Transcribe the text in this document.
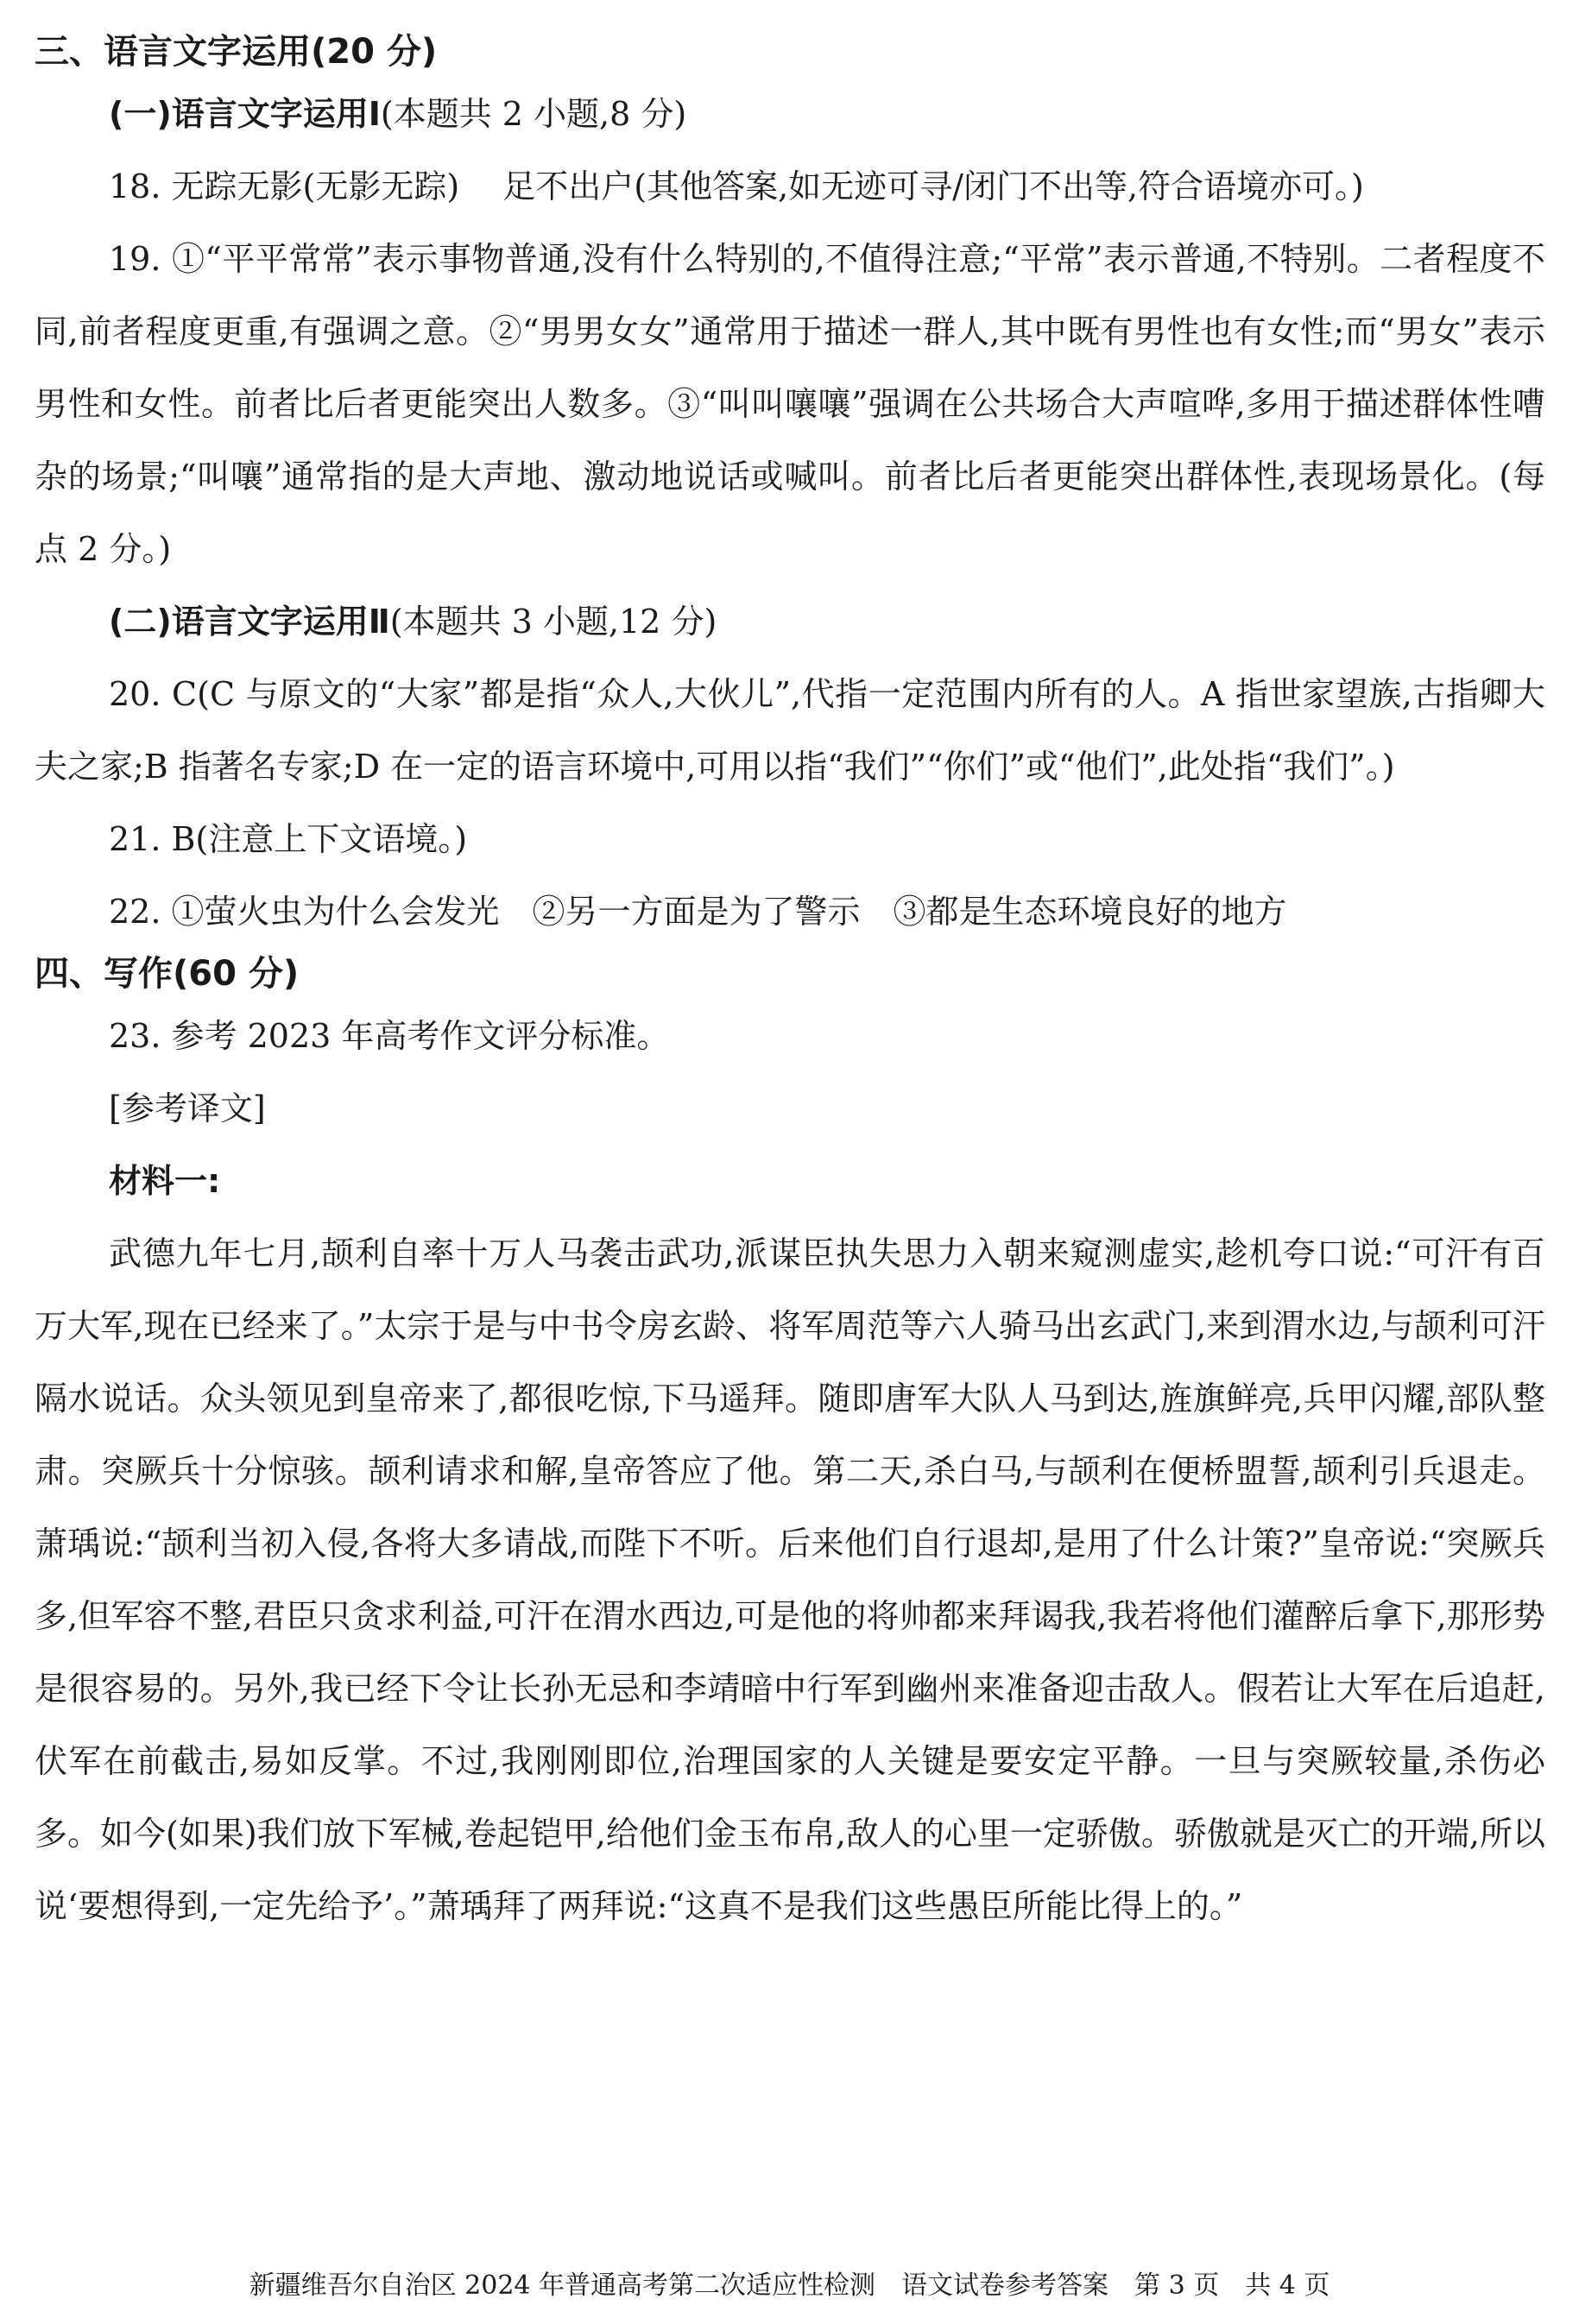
三、语言文字运用(20 分)
(一)语言文字运用Ⅰ(本题共 2 小题,8 分)

18. 无踪无影(无影无踪)　 足不出户(其他答案,如无迹可寻/闭门不出等,符合语境亦可。)

19. ①“平平常常”表示事物普通,没有什么特别的,不值得注意;“平常”表示普通,不特别。二者程度不同,前者程度更重,有强调之意。②“男男女女”通常用于描述一群人,其中既有男性也有女性;而“男女”表示男性和女性。前者比后者更能突出人数多。③“叫叫嚷嚷”强调在公共场合大声喧哗,多用于描述群体性嘈杂的场景;“叫嚷”通常指的是大声地、激动地说话或喊叫。前者比后者更能突出群体性,表现场景化。(每点 2 分。)

(二)语言文字运用Ⅱ(本题共 3 小题,12 分)

20. C(C 与原文的“大家”都是指“众人,大伙儿”,代指一定范围内所有的人。A 指世家望族,古指卿大夫之家;B 指著名专家;D 在一定的语言环境中,可用以指“我们”“你们”或“他们”,此处指“我们”。)

21. B(注意上下文语境。)

22. ①萤火虫为什么会发光　②另一方面是为了警示　③都是生态环境良好的地方

四、写作(60 分)

23. 参考 2023 年高考作文评分标准。

[参考译文]

材料一:

武德九年七月,颉利自率十万人马袭击武功,派谋臣执失思力入朝来窥测虚实,趁机夸口说:“可汗有百万大军,现在已经来了。”太宗于是与中书令房玄龄、将军周范等六人骑马出玄武门,来到渭水边,与颉利可汗隔水说话。众头领见到皇帝来了,都很吃惊,下马遥拜。随即唐军大队人马到达,旌旗鲜亮,兵甲闪耀,部队整肃。突厥兵十分惊骇。颉利请求和解,皇帝答应了他。第二天,杀白马,与颉利在便桥盟誓,颉利引兵退走。萧瑀说:“颉利当初入侵,各将大多请战,而陛下不听。后来他们自行退却,是用了什么计策?”皇帝说:“突厥兵多,但军容不整,君臣只贪求利益,可汗在渭水西边,可是他的将帅都来拜谒我,我若将他们灌醉后拿下,那形势是很容易的。另外,我已经下令让长孙无忌和李靖暗中行军到幽州来准备迎击敌人。假若让大军在后追赶,伏军在前截击,易如反掌。不过,我刚刚即位,治理国家的人关键是要安定平静。一旦与突厥较量,杀伤必多。如今(如果)我们放下军械,卷起铠甲,给他们金玉布帛,敌人的心里一定骄傲。骄傲就是灭亡的开端,所以说‘要想得到,一定先给予’。”萧瑀拜了两拜说:“这真不是我们这些愚臣所能比得上的。”

新疆维吾尔自治区 2024 年普通高考第二次适应性检测　语文试卷参考答案　第 3 页　共 4 页
